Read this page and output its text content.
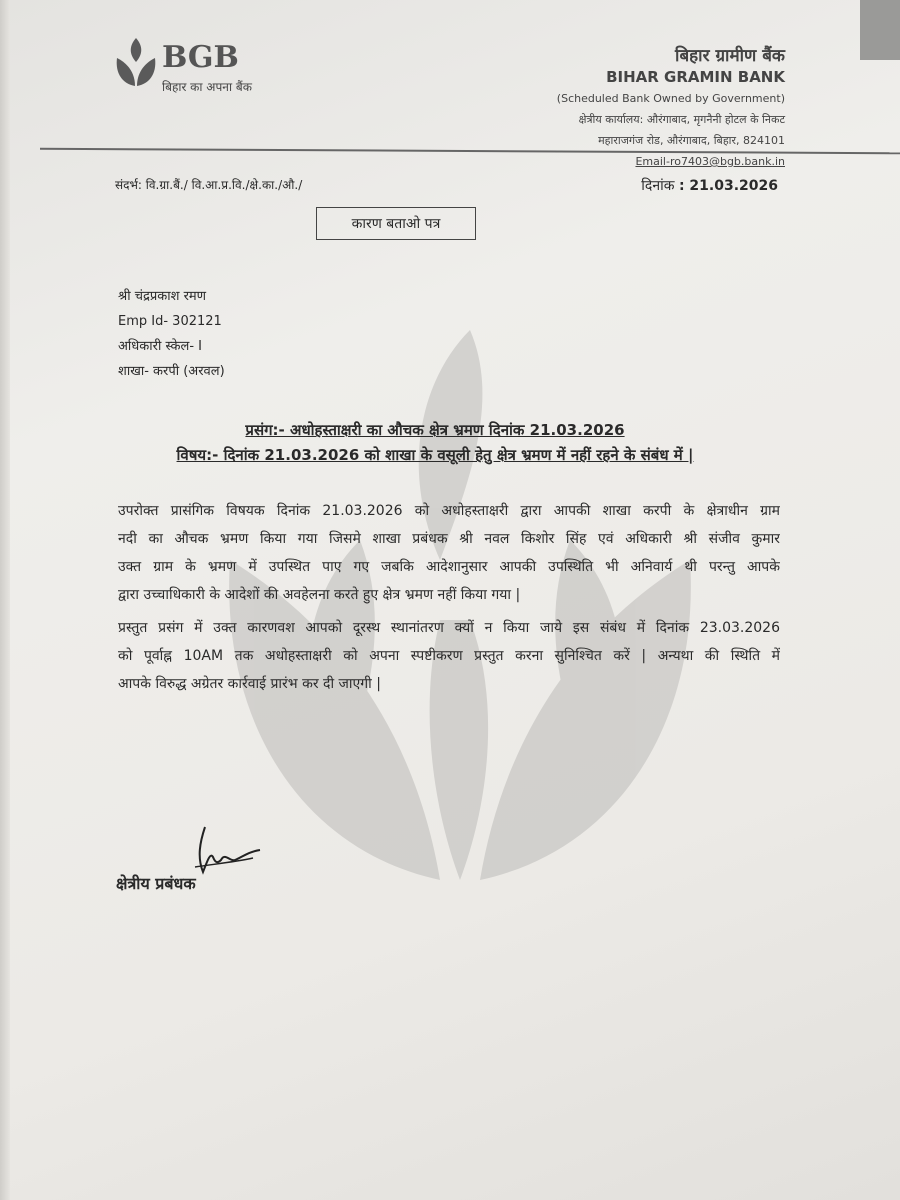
BGB
बिहार का अपना बैंक
बिहार ग्रामीण बैंक
BIHAR GRAMIN BANK
(Scheduled Bank Owned by Government)
क्षेत्रीय कार्यालय: औरंगाबाद, मृगनैनी होटल के निकट
महाराजगंज रोड, औरंगाबाद, बिहार, 824101
Email-ro7403@bgb.bank.in
संदर्भ: वि.ग्रा.बैं./ वि.आ.प्र.वि./क्षे.का./औ./	दिनांक : 21.03.2026
कारण बताओ पत्र
श्री चंद्रप्रकाश रमण
Emp Id- 302121
अधिकारी स्केल- I
शाखा- करपी (अरवल)
प्रसंग:- अधोहस्ताक्षरी का औचक क्षेत्र भ्रमण दिनांक 21.03.2026
विषय:- दिनांक 21.03.2026 को शाखा के वसूली हेतु क्षेत्र भ्रमण में नहीं रहने के संबंध में |
उपरोक्त प्रासंगिक विषयक दिनांक 21.03.2026 को अधोहस्ताक्षरी द्वारा आपकी शाखा करपी के क्षेत्राधीन ग्राम
नदी का औचक भ्रमण किया गया जिसमे शाखा प्रबंधक श्री नवल किशोर सिंह एवं अधिकारी श्री संजीव कुमार
उक्त ग्राम के भ्रमण में उपस्थित पाए गए जबकि आदेशानुसार आपकी उपस्थिति भी अनिवार्य थी परन्तु आपके
द्वारा उच्चाधिकारी के आदेशों की अवहेलना करते हुए क्षेत्र भ्रमण नहीं किया गया |
प्रस्तुत प्रसंग में उक्त कारणवश आपको दूरस्थ स्थानांतरण क्यों न किया जाये इस संबंध में दिनांक 23.03.2026
को पूर्वाह्न 10AM तक अधोहस्ताक्षरी को अपना स्पष्टीकरण प्रस्तुत करना सुनिश्चित करें | अन्यथा की स्थिति में
आपके विरुद्ध अग्रेतर कार्रवाई प्रारंभ कर दी जाएगी |
क्षेत्रीय प्रबंधक
